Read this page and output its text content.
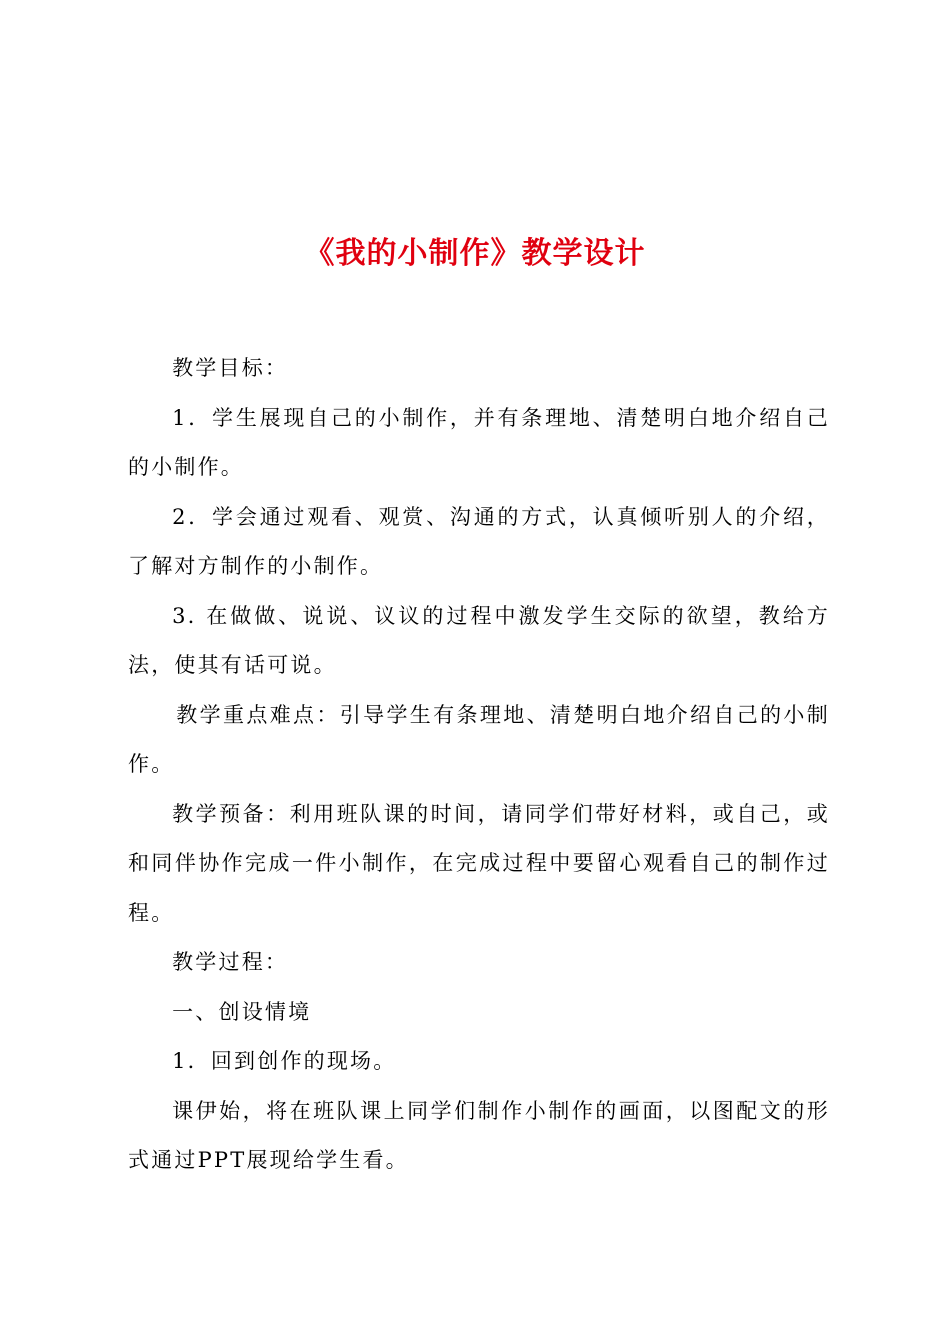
《我的小制作》教学设计

教学目标：

1．学生展现自己的小制作，并有条理地、清楚明白地介绍自己的小制作。

2．学会通过观看、观赏、沟通的方式，认真倾听别人的介绍，了解对方制作的小制作。

3. 在做做、说说、议议的过程中激发学生交际的欲望，教给方法，使其有话可说。

教学重点难点：引导学生有条理地、清楚明白地介绍自己的小制作。

教学预备：利用班队课的时间，请同学们带好材料，或自己，或和同伴协作完成一件小制作，在完成过程中要留心观看自己的制作过程。

教学过程：

一、创设情境

1．回到创作的现场。

课伊始，将在班队课上同学们制作小制作的画面，以图配文的形式通过PPT展现给学生看。
